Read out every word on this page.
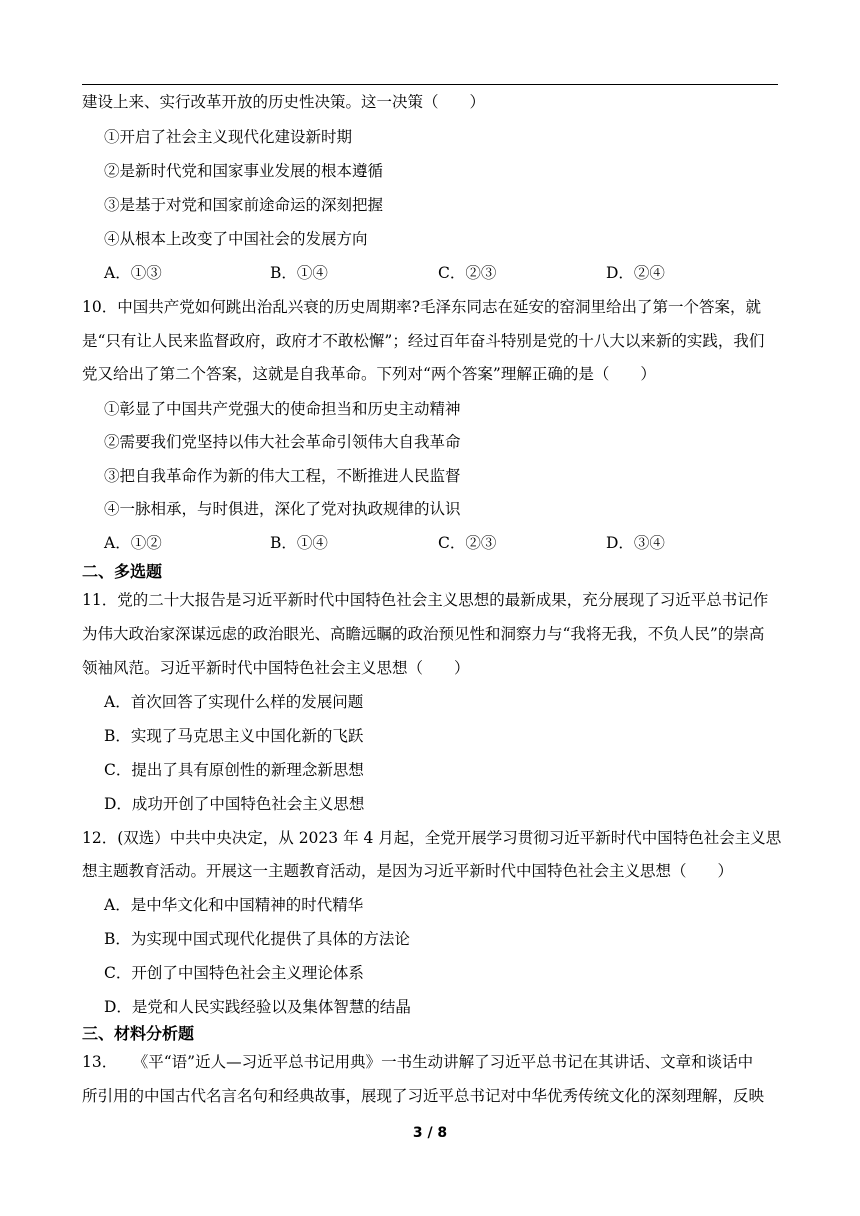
建设上来、实行改革开放的历史性决策。这一决策（　　）
①开启了社会主义现代化建设新时期
②是新时代党和国家事业发展的根本遵循
③是基于对党和国家前途命运的深刻把握
④从根本上改变了中国社会的发展方向
A．①③	B．①④	C．②③	D．②④
10．中国共产党如何跳出治乱兴衰的历史周期率?毛泽东同志在延安的窑洞里给出了第一个答案，就
是“只有让人民来监督政府，政府才不敢松懈”；经过百年奋斗特别是党的十八大以来新的实践，我们
党又给出了第二个答案，这就是自我革命。下列对“两个答案”理解正确的是（　　）
①彰显了中国共产党强大的使命担当和历史主动精神
②需要我们党坚持以伟大社会革命引领伟大自我革命
③把自我革命作为新的伟大工程，不断推进人民监督
④一脉相承，与时俱进，深化了党对执政规律的认识
A．①②	B．①④	C．②③	D．③④
二、多选题
11．党的二十大报告是习近平新时代中国特色社会主义思想的最新成果，充分展现了习近平总书记作
为伟大政治家深谋远虑的政治眼光、高瞻远瞩的政治预见性和洞察力与“我将无我，不负人民”的崇高
领袖风范。习近平新时代中国特色社会主义思想（　　）
A．首次回答了实现什么样的发展问题
B．实现了马克思主义中国化新的飞跃
C．提出了具有原创性的新理念新思想
D．成功开创了中国特色社会主义思想
12．(双选）中共中央决定，从 2023 年 4 月起，全党开展学习贯彻习近平新时代中国特色社会主义思
想主题教育活动。开展这一主题教育活动，是因为习近平新时代中国特色社会主义思想（　　）
A．是中华文化和中国精神的时代精华
B．为实现中国式现代化提供了具体的方法论
C．开创了中国特色社会主义理论体系
D．是党和人民实践经验以及集体智慧的结晶
三、材料分析题
13．　　《平“语”近人—习近平总书记用典》一书生动讲解了习近平总书记在其讲话、文章和谈话中
所引用的中国古代名言名句和经典故事，展现了习近平总书记对中华优秀传统文化的深刻理解，反映
3 / 8
